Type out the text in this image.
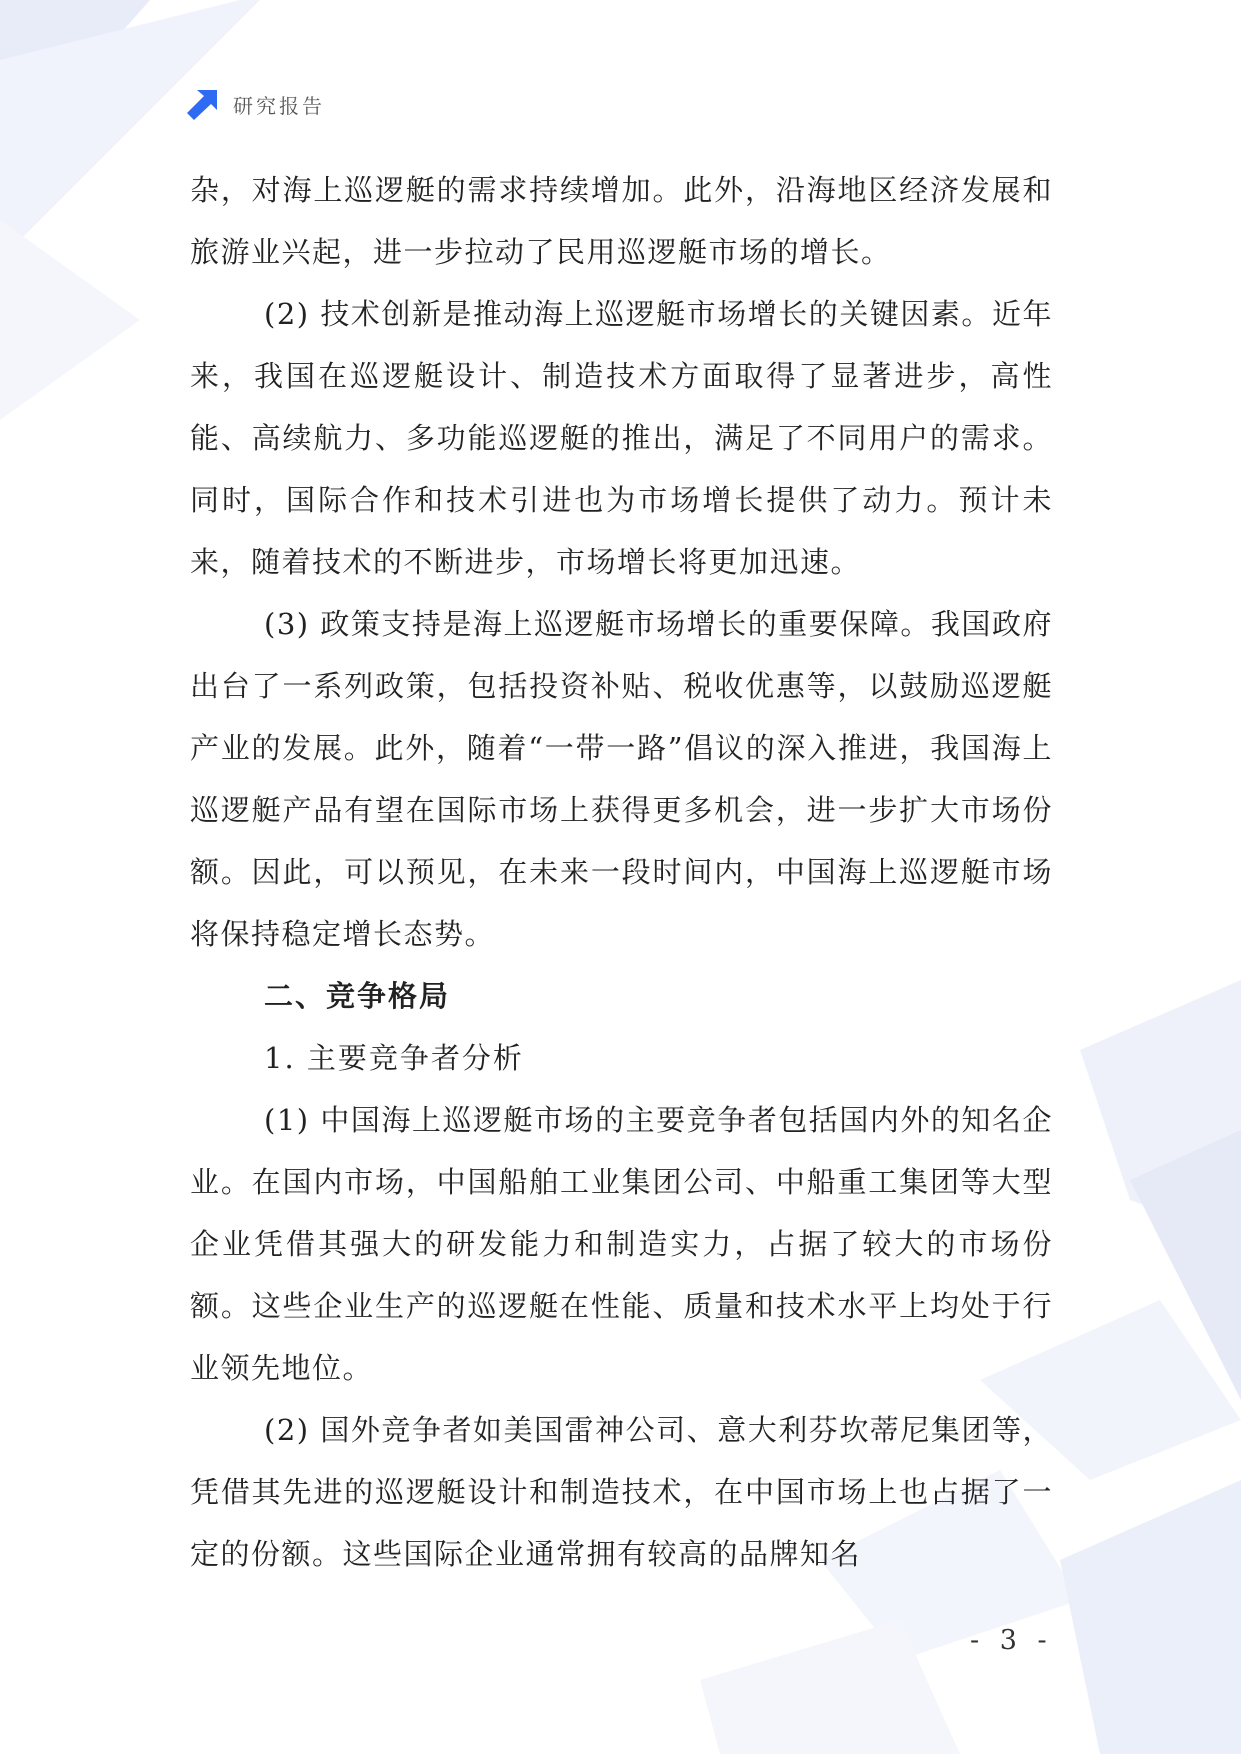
研究报告

杂，对海上巡逻艇的需求持续增加。此外，沿海地区经济发展和旅游业兴起，进一步拉动了民用巡逻艇市场的增长。

(2) 技术创新是推动海上巡逻艇市场增长的关键因素。近年来，我国在巡逻艇设计、制造技术方面取得了显著进步，高性能、高续航力、多功能巡逻艇的推出，满足了不同用户的需求。同时，国际合作和技术引进也为市场增长提供了动力。预计未来，随着技术的不断进步，市场增长将更加迅速。

(3) 政策支持是海上巡逻艇市场增长的重要保障。我国政府出台了一系列政策，包括投资补贴、税收优惠等，以鼓励巡逻艇产业的发展。此外，随着“一带一路”倡议的深入推进，我国海上巡逻艇产品有望在国际市场上获得更多机会，进一步扩大市场份额。因此，可以预见，在未来一段时间内，中国海上巡逻艇市场将保持稳定增长态势。

二、竞争格局

1. 主要竞争者分析

(1) 中国海上巡逻艇市场的主要竞争者包括国内外的知名企业。在国内市场，中国船舶工业集团公司、中船重工集团等大型企业凭借其强大的研发能力和制造实力，占据了较大的市场份额。这些企业生产的巡逻艇在性能、质量和技术水平上均处于行业领先地位。

(2) 国外竞争者如美国雷神公司、意大利芬坎蒂尼集团等，凭借其先进的巡逻艇设计和制造技术，在中国市场上也占据了一定的份额。这些国际企业通常拥有较高的品牌知名

- 3 -
